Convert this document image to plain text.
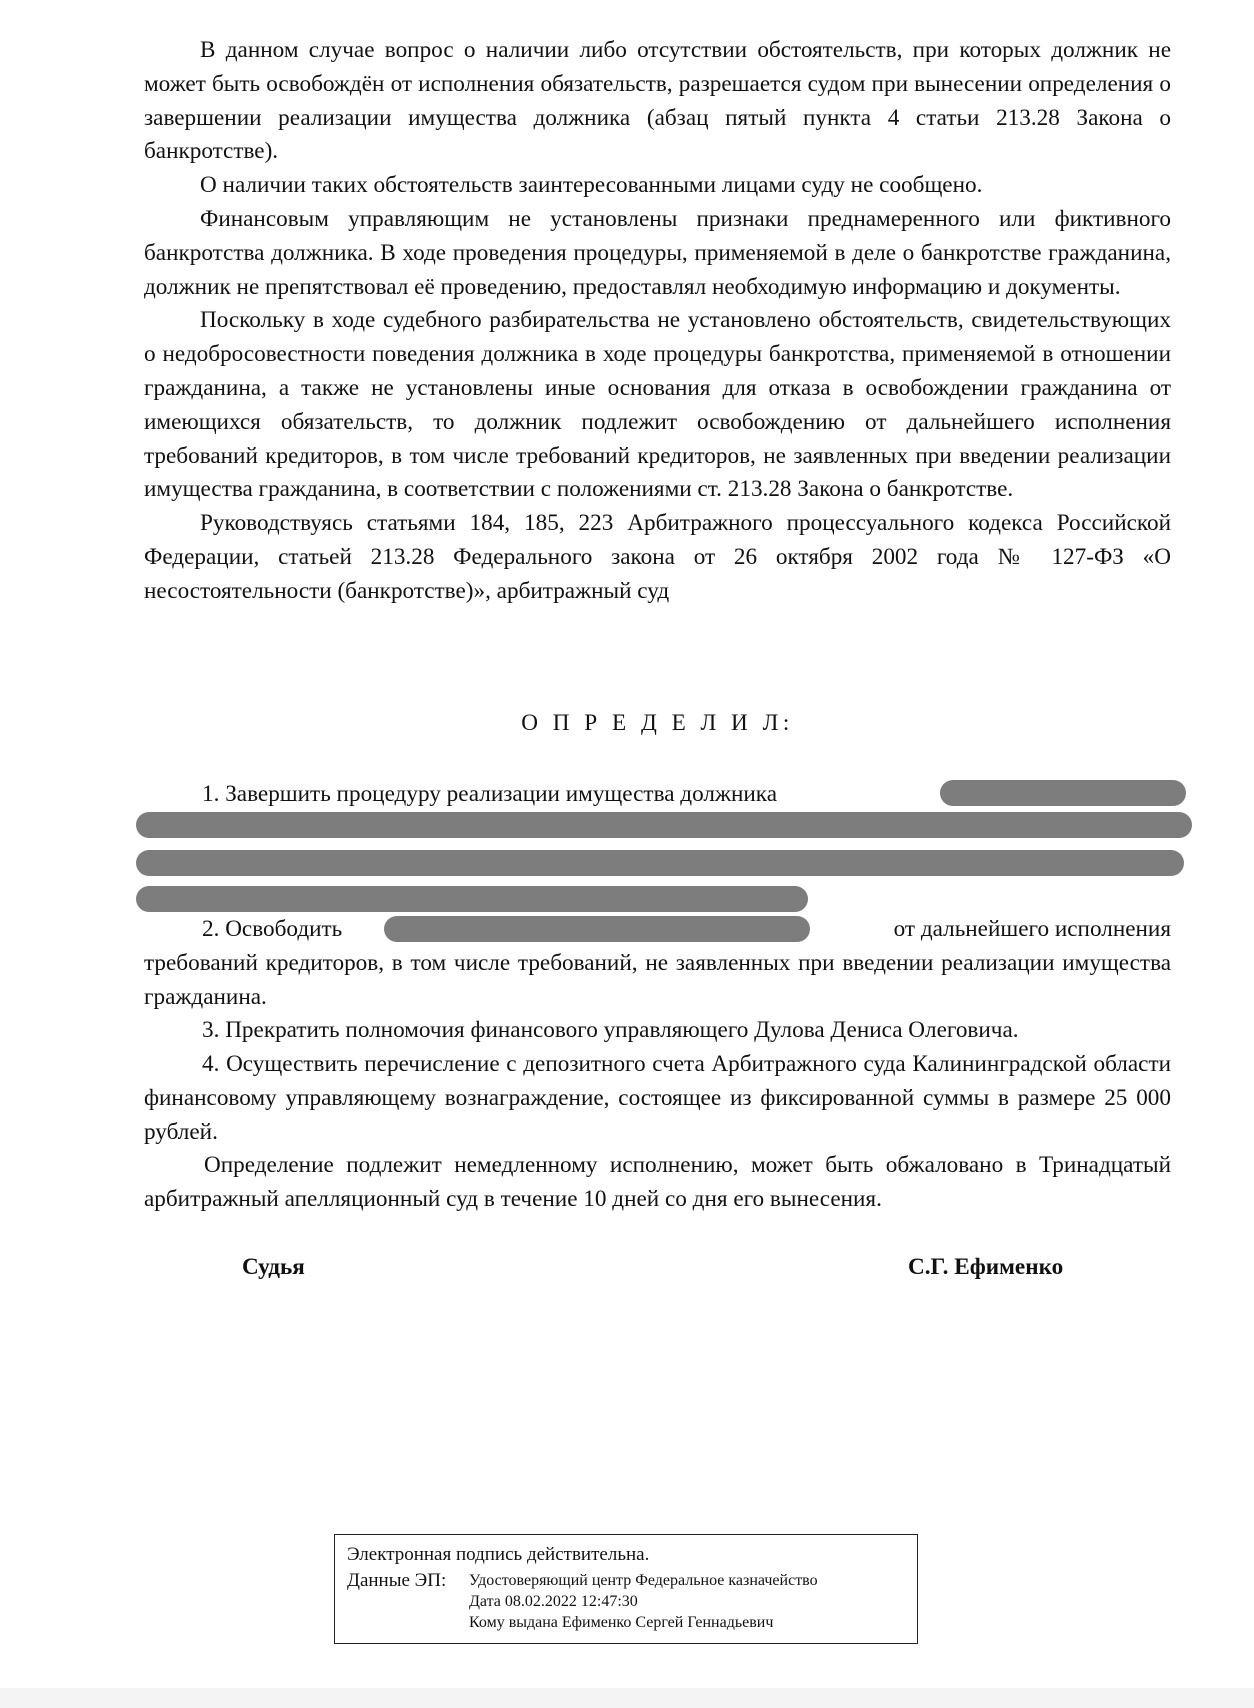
В данном случае вопрос о наличии либо отсутствии обстоятельств, при которых должник не может быть освобождён от исполнения обязательств, разрешается судом при вынесении определения о завершении реализации имущества должника (абзац пятый пункта 4 статьи 213.28 Закона о банкротстве).

О наличии таких обстоятельств заинтересованными лицами суду не сообщено.

Финансовым управляющим не установлены признаки преднамеренного или фиктивного банкротства должника. В ходе проведения процедуры, применяемой в деле о банкротстве гражданина, должник не препятствовал её проведению, предоставлял необходимую информацию и документы.

Поскольку в ходе судебного разбирательства не установлено обстоятельств, свидетельствующих о недобросовестности поведения должника в ходе процедуры банкротства, применяемой в отношении гражданина, а также не установлены иные основания для отказа в освобождении гражданина от имеющихся обязательств, то должник подлежит освобождению от дальнейшего исполнения требований кредиторов, в том числе требований кредиторов, не заявленных при введении реализации имущества гражданина, в соответствии с положениями ст. 213.28 Закона о банкротстве.

Руководствуясь статьями 184, 185, 223 Арбитражного процессуального кодекса Российской Федерации, статьей 213.28 Федерального закона от 26 октября 2002 года № 127-ФЗ «О несостоятельности (банкротстве)», арбитражный суд

О П Р Е Д Е Л И Л:
1. Завершить процедуру реализации имущества должника
2. Освободить	от дальнейшего исполнения
требований кредиторов, в том числе требований, не заявленных при введении реализации имущества гражданина.
3. Прекратить полномочия финансового управляющего Дулова Дениса Олеговича.

4. Осуществить перечисление с депозитного счета Арбитражного суда Калининградской области финансовому управляющему вознаграждение, состоящее из фиксированной суммы в размере 25 000 рублей.

Определение подлежит немедленному исполнению, может быть обжаловано в Тринадцатый арбитражный апелляционный суд в течение 10 дней со дня его вынесения.

Судья	С.Г. Ефименко
Электронная подпись действительна.
Данные ЭП:	Удостоверяющий центр Федеральное казначейство
Дата 08.02.2022 12:47:30
Кому выдана Ефименко Сергей Геннадьевич
